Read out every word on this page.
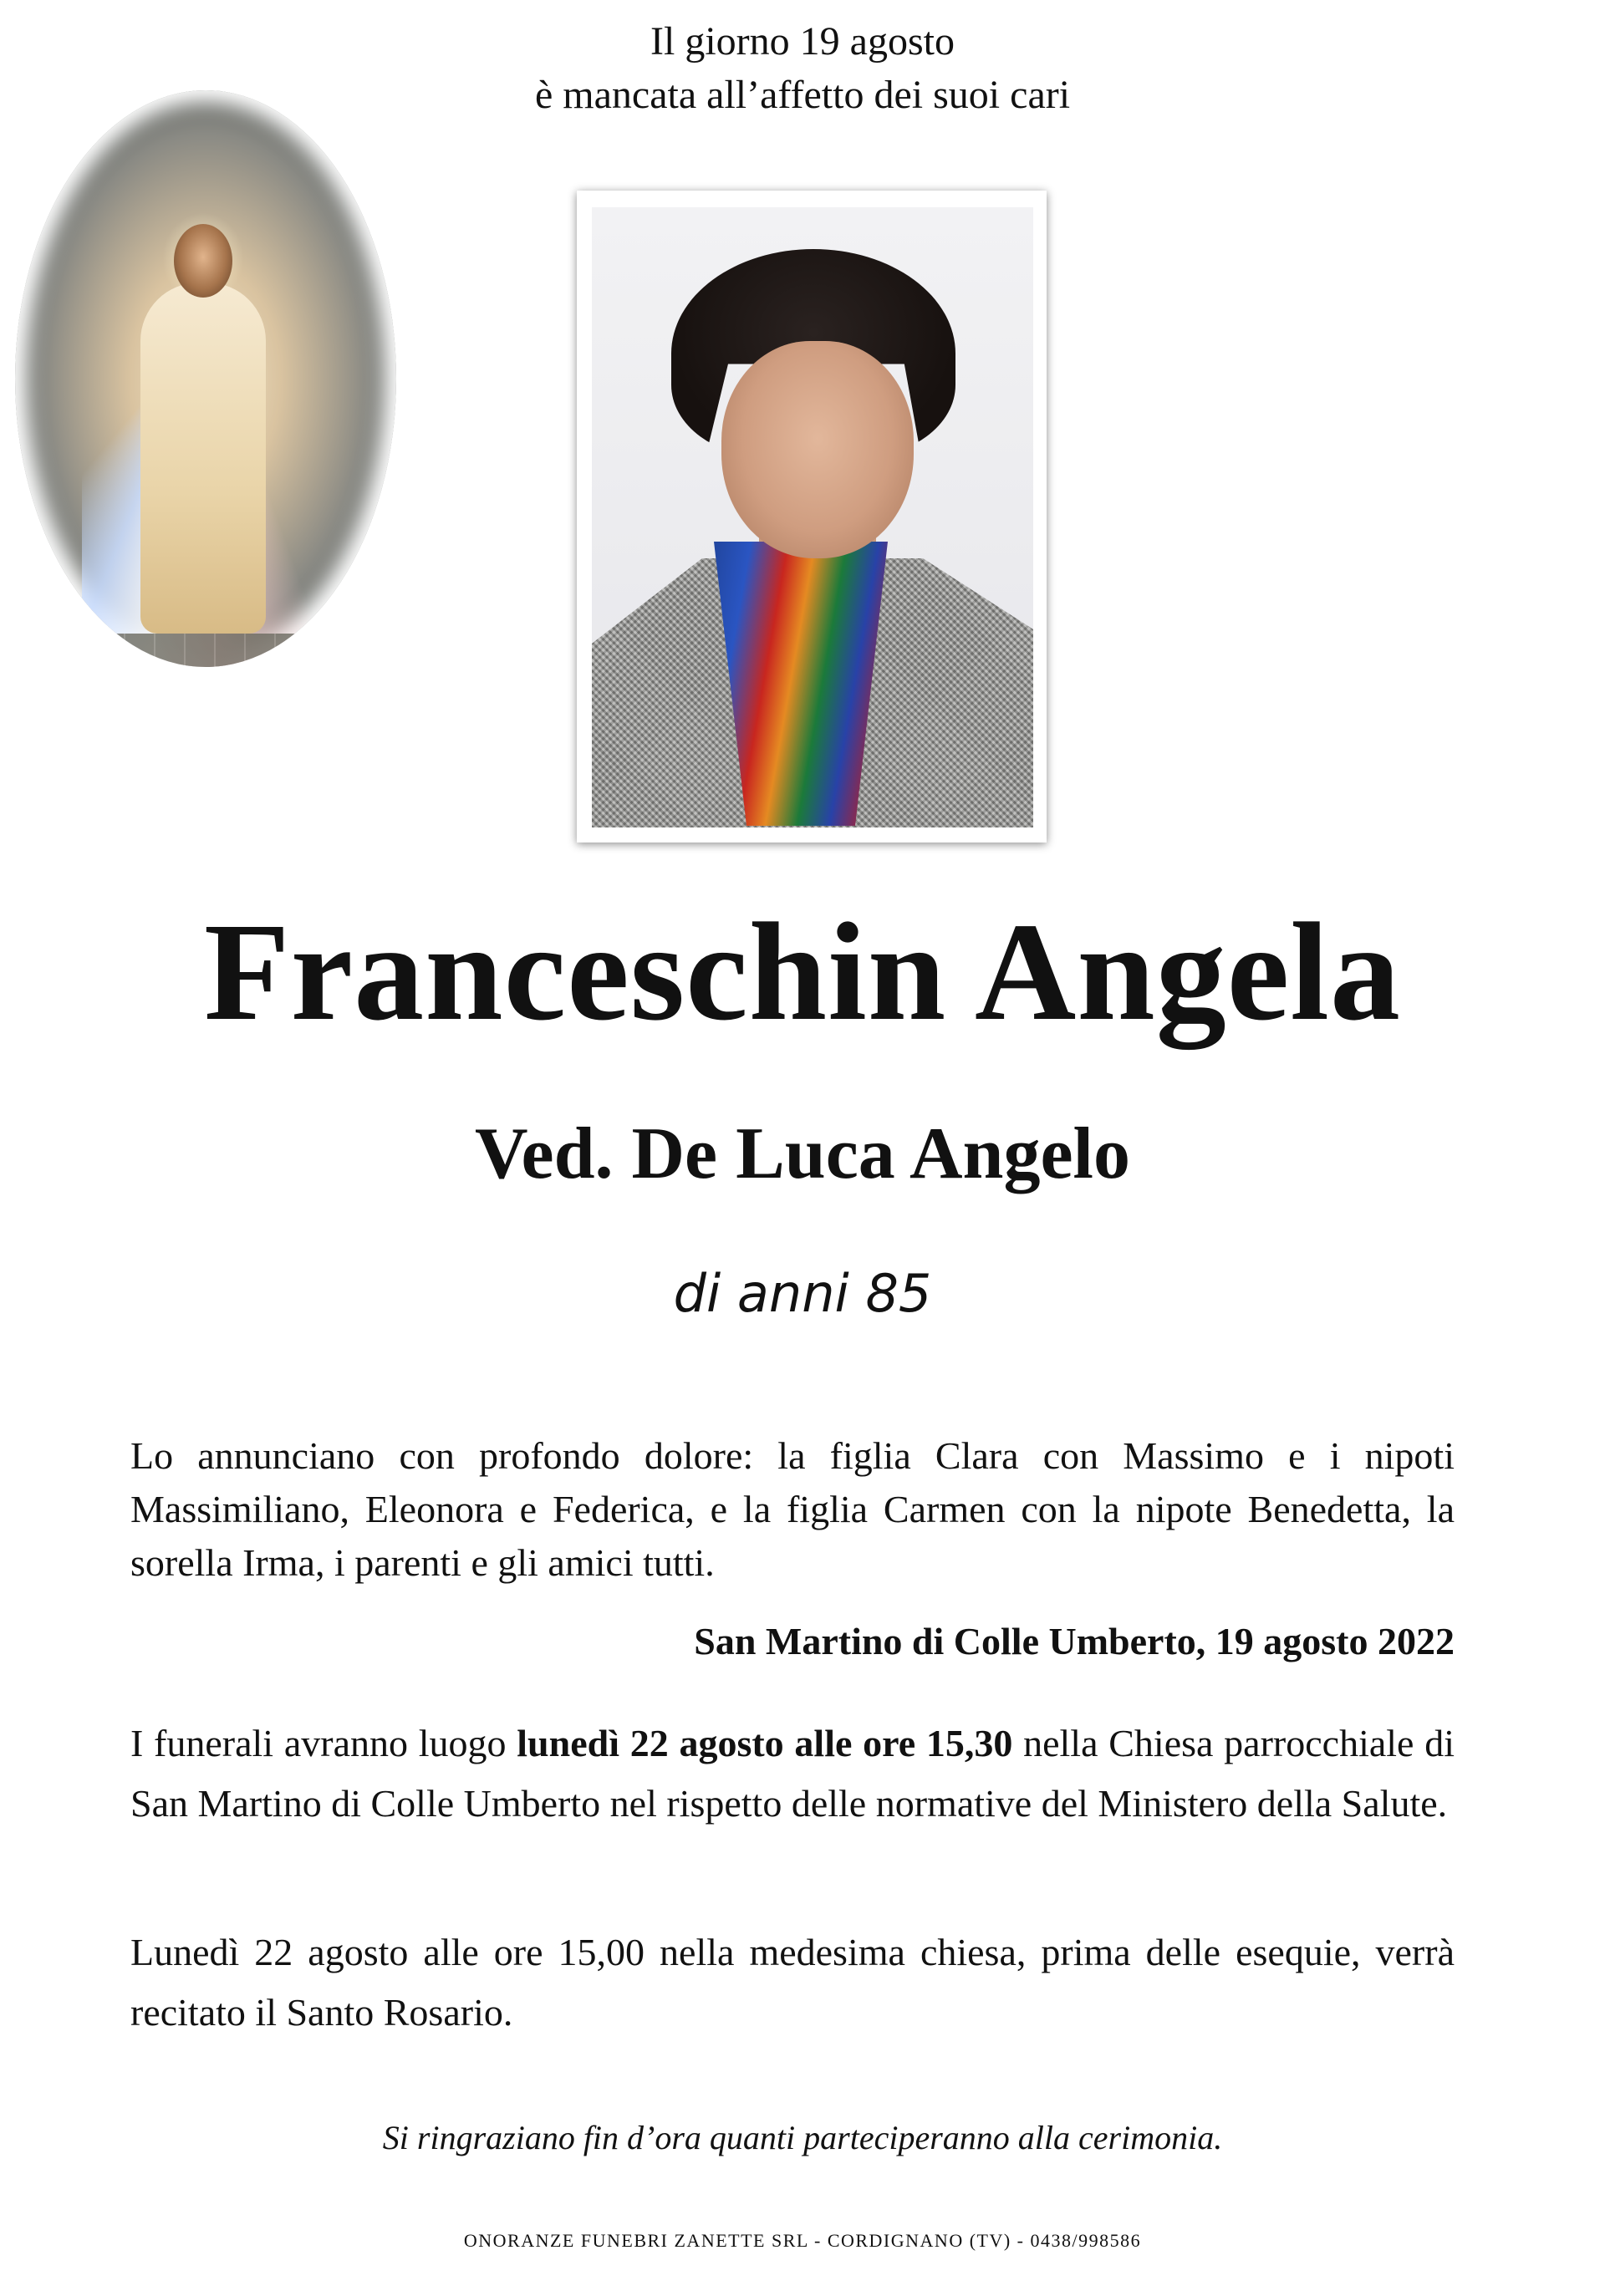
Il giorno 19 agosto
è mancata all’affetto dei suoi cari
Franceschin Angela
Ved. De Luca Angelo
di anni 85
Lo annunciano con profondo dolore: la figlia Clara con Massimo e i nipoti Massimiliano, Eleonora e Federica, e la figlia Carmen con la nipote Benedetta, la sorella Irma, i parenti e gli amici tutti.
San Martino di Colle Umberto, 19 agosto 2022
I funerali avranno luogo lunedì 22 agosto alle ore 15,30 nella Chiesa parrocchiale di San Martino di Colle Umberto nel rispetto delle normative del Ministero della Salute.
Lunedì 22 agosto alle ore 15,00 nella medesima chiesa, prima delle esequie, verrà recitato il Santo Rosario.
Si ringraziano fin d’ora quanti parteciperanno alla cerimonia.
ONORANZE FUNEBRI ZANETTE SRL - CORDIGNANO (TV) - 0438/998586
